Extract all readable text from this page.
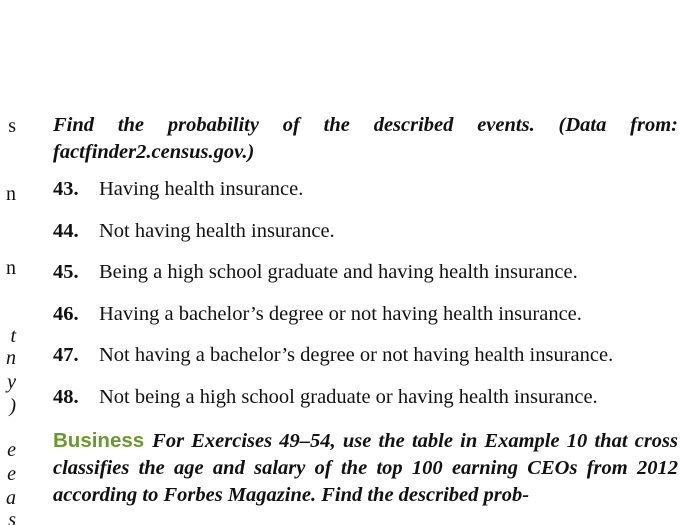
s
n
n
t
n
y
)
e
e
a
s

Find the probability of the described events. (Data from: factfinder2.census.gov.)

43. Having health insurance.
44. Not having health insurance.
45. Being a high school graduate and having health insurance.
46. Having a bachelor’s degree or not having health insurance.
47. Not having a bachelor’s degree or not having health insurance.
48. Not being a high school graduate or having health insurance.
Business For Exercises 49–54, use the table in Example 10 that cross classifies the age and salary of the top 100 earning CEOs from 2012 according to Forbes Magazine. Find the described prob-
